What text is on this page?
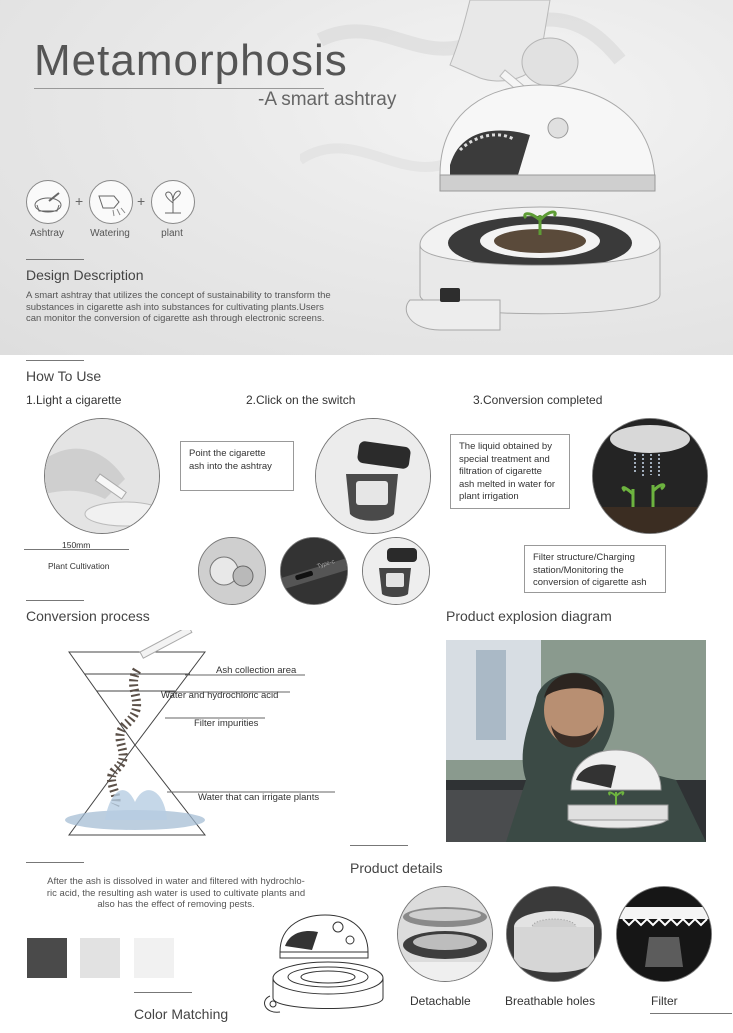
Metamorphosis
-A smart ashtray
+	+
Ashtray	Watering	plant
Design Description
A smart ashtray that utilizes the concept of sustainability to transform the
substances in cigarette ash into substances for cultivating plants.Users
can monitor the conversion of cigarette ash through electronic screens.
How To Use
1.Light a cigarette	2.Click on the switch	3.Conversion completed
150mm
Plant Cultivation
Point the cigarette
ash into the ashtray
The liquid obtained by
special treatment and
filtration of cigarette
ash melted in water for
plant irrigation
Type-c
Filter structure/Charging
station/Monitoring the
conversion of cigarette ash
Conversion process
Ash collection area
Water and hydrochloric acid
Filter impurities
Water that can irrigate plants
After the ash is dissolved in water and filtered with hydrochlo-
ric acid, the resulting ash water is used to cultivate plants and
also has the effect of removing pests.
Color Matching
Product explosion diagram
Product details
Detachable	Breathable holes	Filter
